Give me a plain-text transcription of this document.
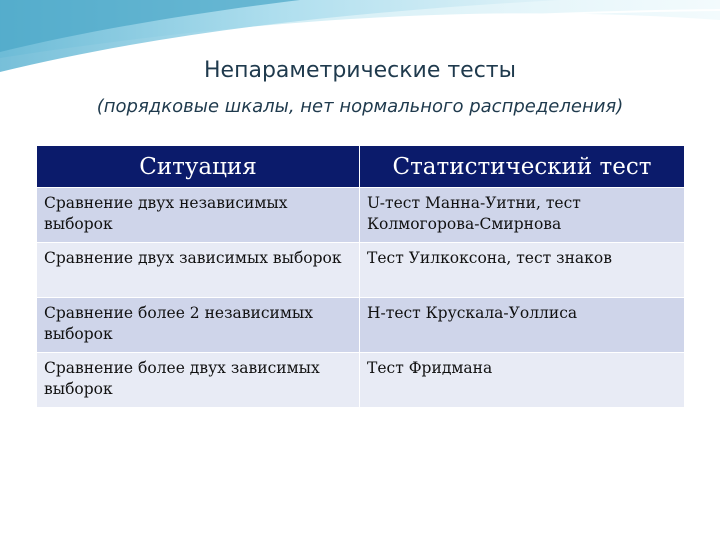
Непараметрические тесты
(порядковые шкалы, нет нормального распределения)
Ситуация	Статистический тест
Сравнение двух независимых выборок	U-тест Манна-Уитни, тест Колмогорова-Смирнова
Сравнение двух зависимых выборок	Тест Уилкоксона, тест знаков
Сравнение более 2 независимых выборок	H-тест Крускала-Уоллиса
Сравнение более двух зависимых выборок	Тест Фридмана
